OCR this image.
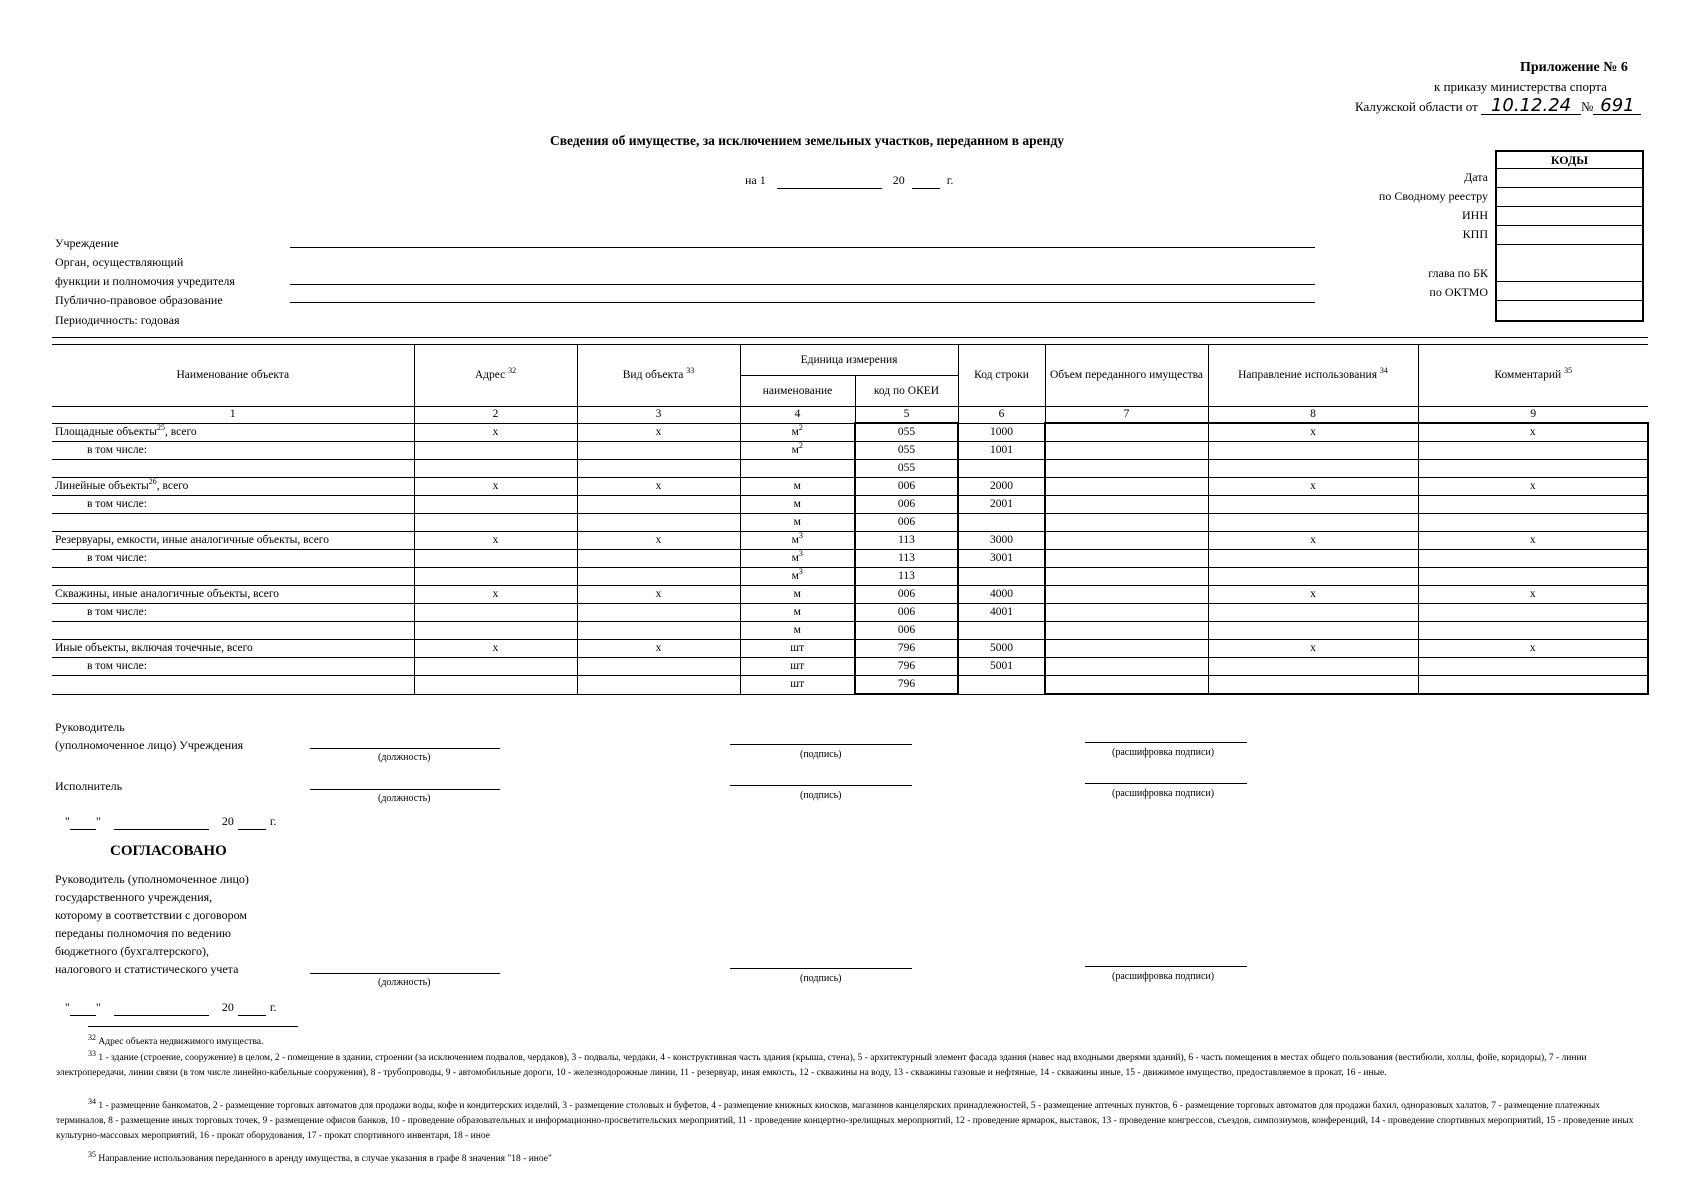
Приложение № 6
к приказу министерства спорта
Калужской области от 10.12.24 № 691
Сведения об имуществе, за исключением земельных участков, переданном в аренду
на 1	20	г.	Дата
по Сводному реестру
ИНН
КПП
глава по БК
по ОКТМО
КОДЫ
Учреждение
Орган, осуществляющий
функции и полномочия учредителя
Публично-правовое образование
Периодичность: годовая
Наименование объекта	Адрес $^{32}$	Вид объекта $^{33}$	Единица измерения		Код строки	Объем переданного имущества	Направление использования $^{34}$	Комментарий $^{35}$
			наименование	код по ОКЕИ				
1	2	3	4	5	6	7	8	9
Площадные объекты$^{25}$, всего	х	х	$м^2$	055	1000		х	х
в том числе:			$м^2$	055	1001			
				055				
Линейные объекты$^{26}$, всего	х	х	м	006	2000		х	х
в том числе:			м	006	2001			
			м	006				
Резервуары, емкости, иные аналогичные объекты, всего	х	х	$м^3$	113	3000		х	х
в том числе:			$м^3$	113	3001			
			$м^3$	113				
Скважины, иные аналогичные объекты, всего	х	х	м	006	4000		х	х
в том числе:			м	006	4001			
			м	006				
Иные объекты, включая точечные, всего	х	х	шт	796	5000		х	х
в том числе:			шт	796	5001			
			шт	796				
Руководитель
(уполномоченное лицо) Учреждения
(должность)	(подпись)	(расшифровка подписи)
Исполнитель
(должность)	(подпись)	(расшифровка подписи)
" "	20	г.
СОГЛАСОВАНО
Руководитель (уполномоченное лицо)
государственного учреждения,
которому в соответствии с договором
переданы полномочия по ведению
бюджетного (бухгалтерского),
налогового и статистического учета
(должность)	(подпись)	(расшифровка подписи)
" "	20	г.
$^{32}$ Адрес объекта недвижимого имущества.
$^{33}$ 1 - здание (строение, сооружение) в целом, 2 - помещение в здании, строении (за исключением подвалов, чердаков), 3 - подвалы, чердаки, 4 - конструктивная часть здания (крыша, стена), 5 - архитектурный элемент фасада здания (навес над входными дверями зданий), 6 - часть помещения в местах общего пользования (вестибюли, холлы, фойе, коридоры), 7 - линии электропередачи, линии связи (в том числе линейно-кабельные сооружения), 8 - трубопроводы, 9 - автомобильные дороги, 10 - железнодорожные линии, 11 - резервуар, иная емкость, 12 - скважины на воду, 13 - скважины газовые и нефтяные, 14 - скважины иные, 15 - движимое имущество, предоставляемое в прокат, 16 - иные.
$^{34}$ 1 - размещение банкоматов, 2 - размещение торговых автоматов для продажи воды, кофе и кондитерских изделий, 3 - размещение столовых и буфетов, 4 - размещение книжных киосков, магазинов канцелярских принадлежностей, 5 - размещение аптечных пунктов, 6 - размещение торговых автоматов для продажи бахил, одноразовых халатов, 7 - размещение платежных терминалов, 8 - размещение иных торговых точек, 9 - размещение офисов банков, 10 - проведение образовательных и информационно-просветительских мероприятий, 11 - проведение концертно-зрелищных мероприятий, 12 - проведение ярмарок, выставок, 13 - проведение конгрессов, съездов, симпозиумов, конференций, 14 - проведение спортивных мероприятий, 15 - проведение иных культурно-массовых мероприятий, 16 - прокат оборудования, 17 - прокат спортивного инвентаря, 18 - иное
$^{35}$ Направление использования переданного в аренду имущества, в случае указания в графе 8 значения "18 - иное"
